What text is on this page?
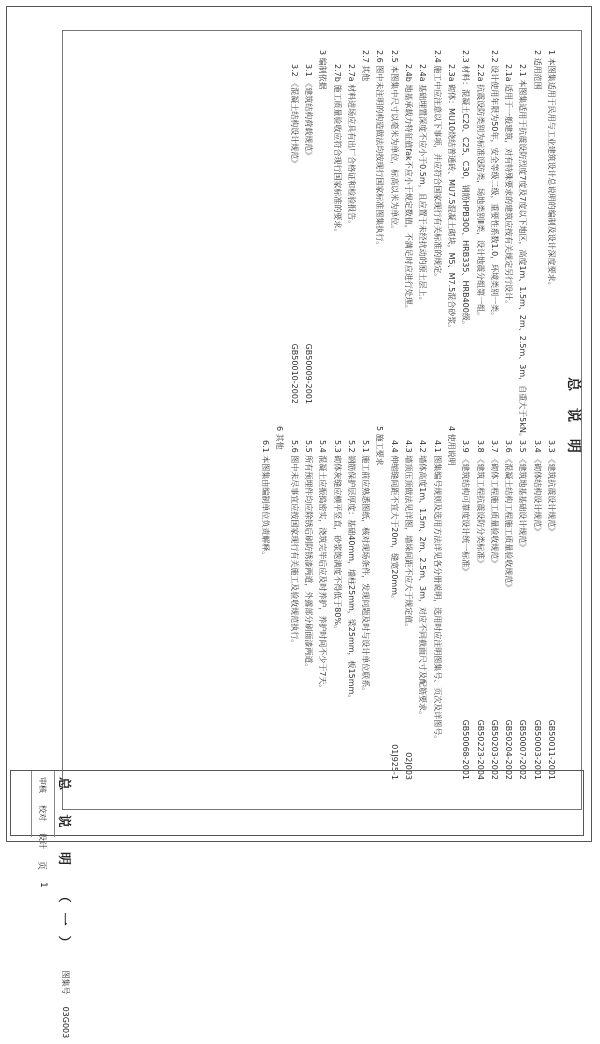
总 说 明
1 本图集适用于民用与工业建筑设计总说明的编制及设计深度要求。
2 适用范围
2.1 本图集适用于抗震设防烈度7度及7度以下地区，高度1m、1.5m、2m、2.5m、3m，自重大于5kN。
2.1a 适用于一般建筑，对有特殊要求的建筑应按有关规定另行设计。
2.2 设计使用年限为50年，安全等级二级，重要性系数1.0，环境类别一类。
2.2a 抗震设防类别为标准设防类，场地类别Ⅱ类，设计地震分组第一组。
2.3 材料：混凝土C20、C25、C30，钢筋HPB300、HRB335、HRB400级。
2.3a 砌体：MU10烧结普通砖、MU7.5混凝土砌块，M5、M7.5混合砂浆。
2.4 施工中应注意以下事项，并应符合国家现行有关标准的规定。
2.4a 基础埋置深度不应小于0.5m，且应置于未经扰动的原土层上。
2.4b 地基承载力特征值fak不应小于规定数值，不满足时应进行处理。
2.5 本图集中尺寸以毫米为单位，标高以米为单位。
2.6 图中未注明的构造做法均按现行国家标准图集执行。
2.7 其他
2.7a 材料进场应具有出厂合格证和检验报告。
2.7b 施工质量验收应符合现行国家标准的要求。
3 编制依据
GB50009-2001
3.1 《建筑结构荷载规范》
GB50010-2002
3.2 《混凝土结构设计规范》
GB50011-2001
3.3 《建筑抗震设计规范》
GB50003-2001
3.4 《砌体结构设计规范》
GB50007-2002
3.5 《建筑地基基础设计规范》
GB50204-2002
3.6 《混凝土结构工程施工质量验收规范》
GB50203-2002
3.7 《砌体工程施工质量验收规范》
GB50223-2004
3.8 《建筑工程抗震设防分类标准》
GB50068-2001
3.9 《建筑结构可靠度设计统一标准》
4 使用说明
4.1 图集编号规则及选用方法详见各分册说明，选用时应注明图集号、页次及详图号。
4.2 墙体高度1m、1.5m、2m、2.5m、3m，对应不同截面尺寸及配筋要求。
02J003
4.3 墙顶压顶做法见详图，墙垛间距不应大于规定值。
01J925-1
4.4 伸缩缝间距不宜大于20m，缝宽20mm。
5 施工要求
5.1 施工前应熟悉图纸，核对现场条件，发现问题及时与设计单位联系。
5.2 钢筋保护层厚度：基础40mm，墙柱25mm，梁25mm，板15mm。
5.3 砌体灰缝应横平竖直，砂浆饱满度不得低于80%。
5.4 混凝土应振捣密实，浇筑完毕后应及时养护，养护时间不少于7天。
5.5 所有预埋件均应除锈后刷防锈漆两道，外露部分刷面漆两道。
5.6 图中未尽事宜应按国家现行有关施工及验收规范执行。
6 其他
6.1 本图集由编制单位负责解释。
总 说 明 （一）
图集号
03G003
审核
校对
设计
页
1
